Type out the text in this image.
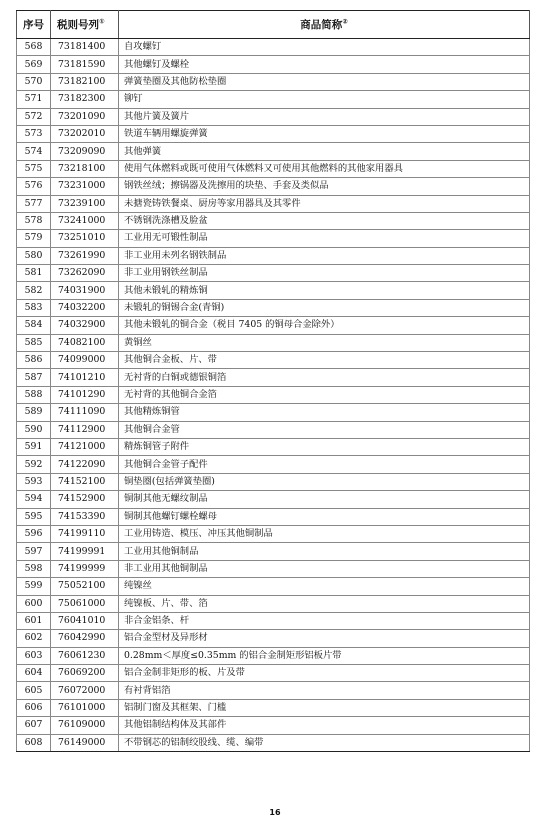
序号	税则号列①	商品简称②
568	73181400	自攻螺钉
569	73181590	其他螺钉及螺栓
570	73182100	弹簧垫圈及其他防松垫圈
571	73182300	铆钉
572	73201090	其他片簧及簧片
573	73202010	铁道车辆用螺旋弹簧
574	73209090	其他弹簧
575	73218100	使用气体燃料或既可使用气体燃料又可使用其他燃料的其他家用器具
576	73231000	钢铁丝绒；擦锅器及洗擦用的块垫、手套及类似品
577	73239100	未搪瓷铸铁餐桌、厨房等家用器具及其零件
578	73241000	不锈钢洗涤槽及脸盆
579	73251010	工业用无可锻性制品
580	73261990	非工业用未列名钢铁制品
581	73262090	非工业用钢铁丝制品
582	74031900	其他未锻轧的精炼铜
583	74032200	未锻轧的铜锡合金(青铜)
584	74032900	其他未锻轧的铜合金（税目 7405 的铜母合金除外）
585	74082100	黄铜丝
586	74099000	其他铜合金板、片、带
587	74101210	无衬背的白铜或德银铜箔
588	74101290	无衬背的其他铜合金箔
589	74111090	其他精炼铜管
590	74112900	其他铜合金管
591	74121000	精炼铜管子附件
592	74122090	其他铜合金管子配件
593	74152100	铜垫圈(包括弹簧垫圈)
594	74152900	铜制其他无螺纹制品
595	74153390	铜制其他螺钉螺栓螺母
596	74199110	工业用铸造、模压、冲压其他铜制品
597	74199991	工业用其他铜制品
598	74199999	非工业用其他铜制品
599	75052100	纯镍丝
600	75061000	纯镍板、片、带、箔
601	76041010	非合金铝条、杆
602	76042990	铝合金型材及异形材
603	76061230	0.28mm＜厚度≤0.35mm 的铝合金制矩形铝板片带
604	76069200	铝合金制非矩形的板、片及带
605	76072000	有衬背铝箔
606	76101000	铝制门窗及其框架、门槛
607	76109000	其他铝制结构体及其部件
608	76149000	不带钢芯的铝制绞股线、缆、编带
16
